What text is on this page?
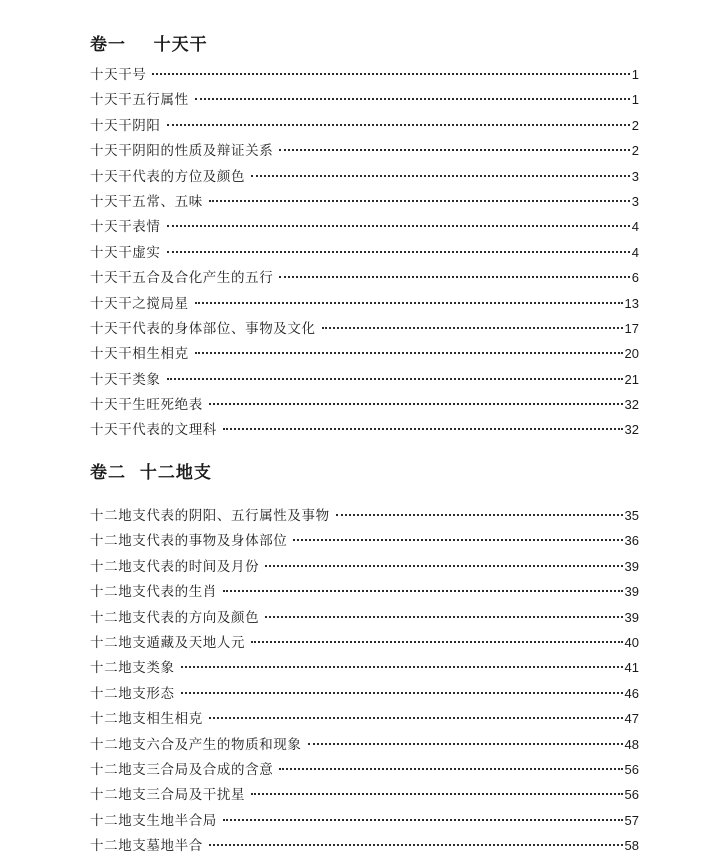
卷一    十天干
十天干号	1
十天干五行属性	1
十天干阴阳	2
十天干阴阳的性质及辩证关系	2
十天干代表的方位及颜色	3
十天干五常、五味	3
十天干表情	4
十天干虚实	4
十天干五合及合化产生的五行	6
十天干之搅局星	13
十天干代表的身体部位、事物及文化	17
十天干相生相克	20
十天干类象	21
十天干生旺死绝表	32
十天干代表的文理科	32
卷二  十二地支
十二地支代表的阴阳、五行属性及事物	35
十二地支代表的事物及身体部位	36
十二地支代表的时间及月份	39
十二地支代表的生肖	39
十二地支代表的方向及颜色	39
十二地支遁藏及天地人元	40
十二地支类象	41
十二地支形态	46
十二地支相生相克	47
十二地支六合及产生的物质和现象	48
十二地支三合局及合成的含意	56
十二地支三合局及干扰星	56
十二地支生地半合局	57
十二地支墓地半合	58
